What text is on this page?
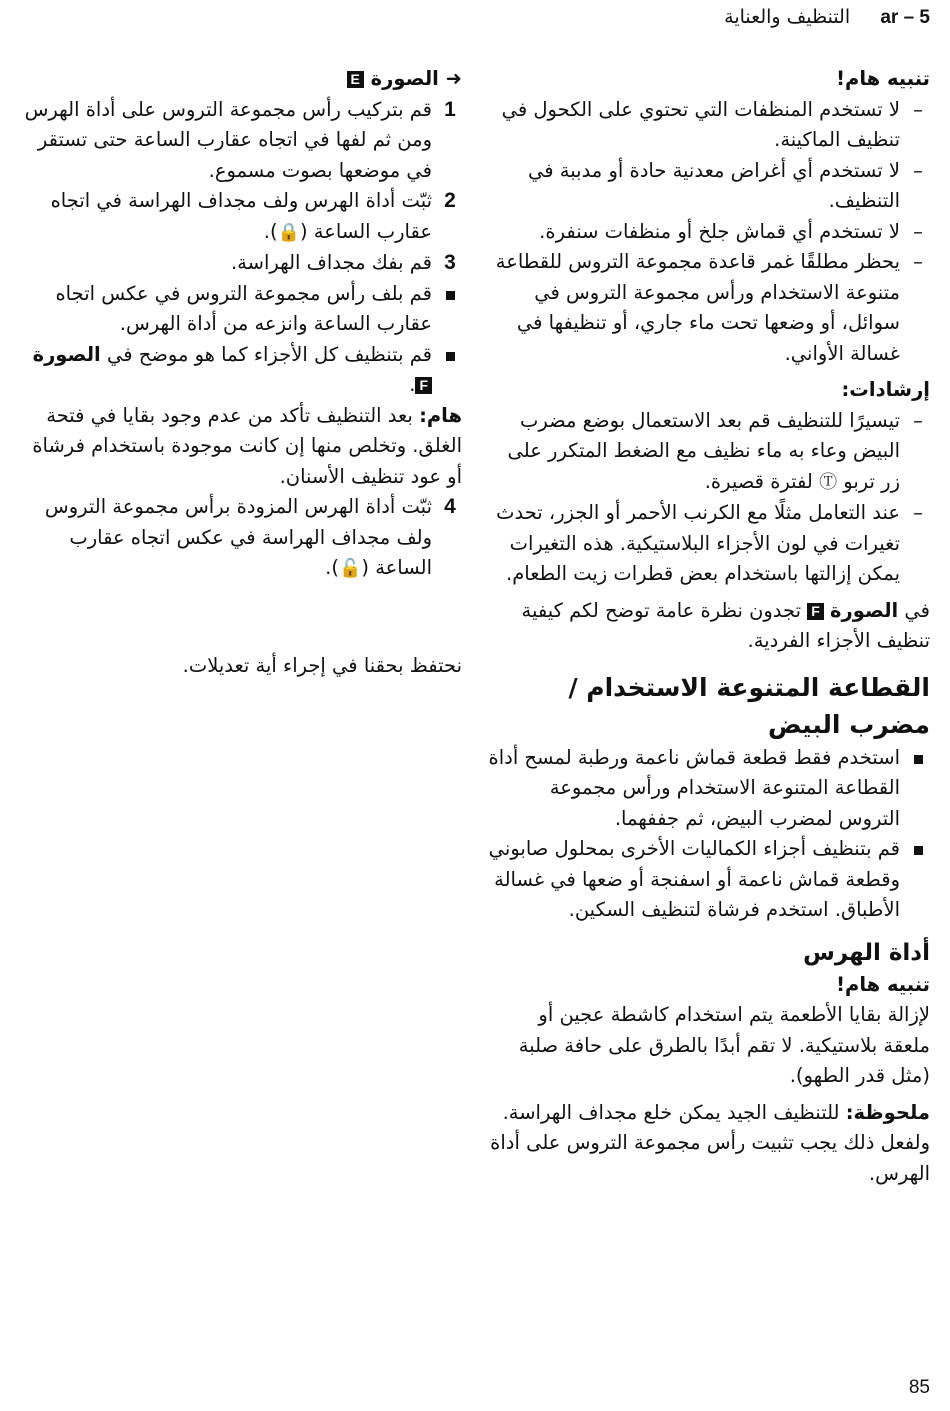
5 – ar     التنظيف والعناية

تنبيه هام!

–
لا تستخدم المنظفات التي تحتوي على الكحول في تنظيف الماكينة.
–
لا تستخدم أي أغراض معدنية حادة أو مدببة في التنظيف.
–
لا تستخدم أي قماش جلخ أو منظفات سنفرة.
–
يحظر مطلقًا غمر قاعدة مجموعة التروس للقطاعة متنوعة الاستخدام ورأس مجموعة التروس في سوائل، أو وضعها تحت ماء جاري، أو تنظيفها في غسالة الأواني.

إرشادات:

–
تيسيرًا للتنظيف قم بعد الاستعمال بوضع مضرب البيض وعاء به ماء نظيف مع الضغط المتكرر على زر تربو Ⓣ لفترة قصيرة.
–
عند التعامل مثلًا مع الكرنب الأحمر أو الجزر، تحدث تغيرات في لون الأجزاء البلاستيكية. هذه التغيرات يمكن إزالتها باستخدام بعض قطرات زيت الطعام.

في الصورة F تجدون نظرة عامة توضح لكم كيفية تنظيف الأجزاء الفردية.

القطاعة المتنوعة الاستخدام /

مضرب البيض

استخدم فقط قطعة قماش ناعمة ورطبة لمسح أداة القطاعة المتنوعة الاستخدام ورأس مجموعة التروس لمضرب البيض، ثم جففهما.
قم بتنظيف أجزاء الكماليات الأخرى بمحلول صابوني وقطعة قماش ناعمة أو اسفنجة أو ضعها في غسالة الأطباق. استخدم فرشاة لتنظيف السكين.

أداة الهرس

تنبيه هام!

لإزالة بقايا الأطعمة يتم استخدام كاشطة عجين أو ملعقة بلاستيكية. لا تقم أبدًا بالطرق على حافة صلبة (مثل قدر الطهو).

ملحوظة: للتنظيف الجيد يمكن خلع مجداف الهراسة. ولفعل ذلك يجب تثبيت رأس مجموعة التروس على أداة الهرس.

➜ الصورة E

1
قم بتركيب رأس مجموعة التروس على أداة الهرس ومن ثم لفها في اتجاه عقارب الساعة حتى تستقر في موضعها بصوت مسموع.
2
ثبّت أداة الهرس ولف مجداف الهراسة في اتجاه عقارب الساعة (🔒).
3
قم بفك مجداف الهراسة.
قم بلف رأس مجموعة التروس في عكس اتجاه عقارب الساعة وانزعه من أداة الهرس.
قم بتنظيف كل الأجزاء كما هو موضح في الصورة F.

هام: بعد التنظيف تأكد من عدم وجود بقايا في فتحة الغلق. وتخلص منها إن كانت موجودة باستخدام فرشاة أو عود تنظيف الأسنان.

4
ثبّت أداة الهرس المزودة برأس مجموعة التروس ولف مجداف الهراسة في عكس اتجاه عقارب الساعة (🔓).

نحتفظ بحقنا في إجراء أية تعديلات.

85
